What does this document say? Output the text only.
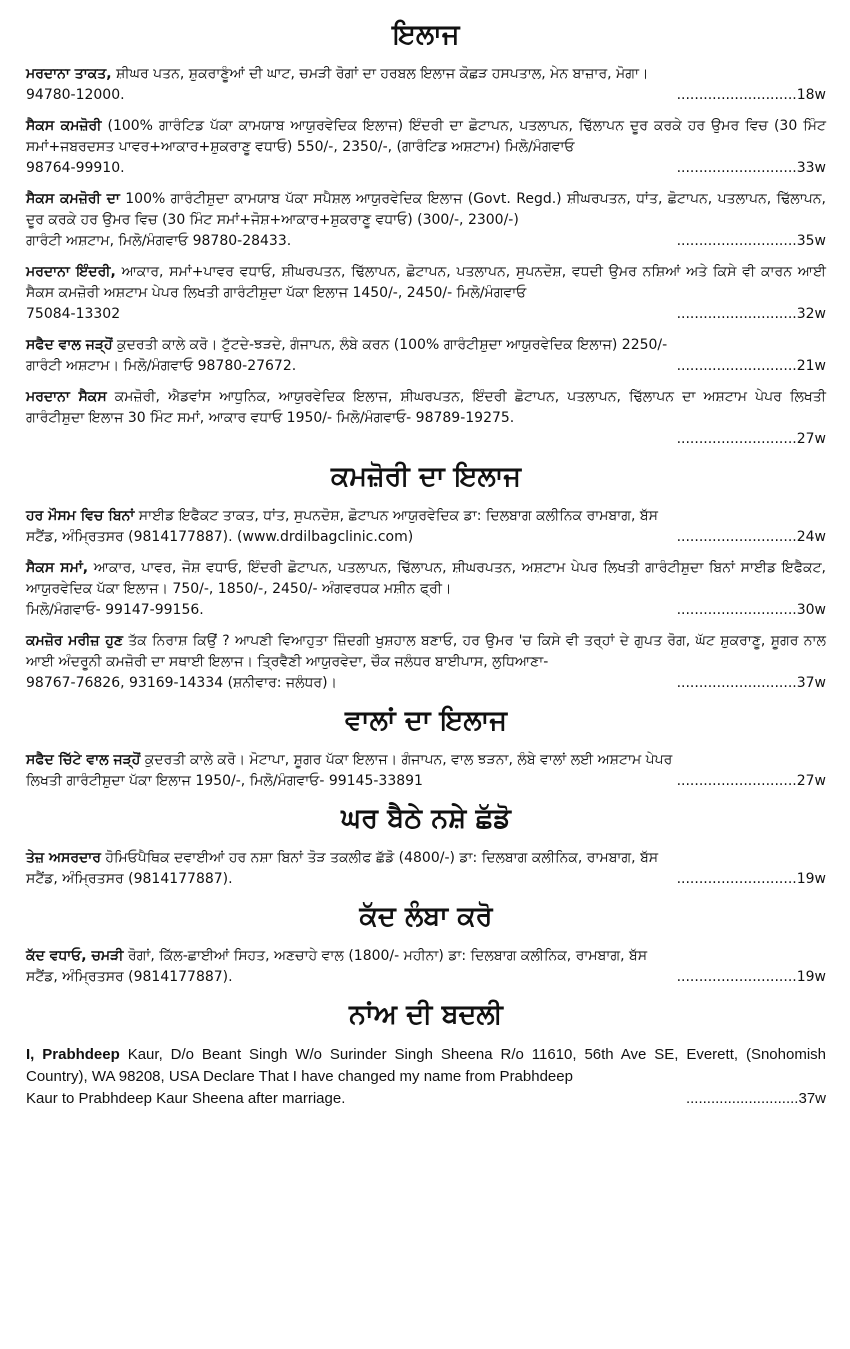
ਇਲਾਜ
ਮਰਦਾਨਾ ਤਾਕਤ, ਸ਼ੀਘਰ ਪਤਨ, ਸ਼ੁਕਰਾਣੂੰਆਂ ਦੀ ਘਾਟ, ਚਮੜੀ ਰੋਗਾਂ ਦਾ ਹਰਬਲ ਇਲਾਜ ਕੋਛੜ ਹਸਪਤਾਲ, ਮੇਨ ਬਾਜ਼ਾਰ, ਮੋਗਾ।
94780-12000.	...........................18w
ਸੈਕਸ ਕਮਜ਼ੋਰੀ (100% ਗਾਰੰਟਿਡ ਪੱਕਾ ਕਾਮਯਾਬ ਆਯੁਰਵੇਦਿਕ ਇਲਾਜ) ਇੰਦਰੀ ਦਾ ਛੋਟਾਪਨ, ਪਤਲਾਪਨ, ਢਿੱਲਾਪਨ ਦੂਰ ਕਰਕੇ ਹਰ ਉਮਰ ਵਿਚ (30 ਮਿੰਟ ਸਮਾਂ+ਜਬਰਦਸਤ ਪਾਵਰ+ਆਕਾਰ+ਸ਼ੁਕਰਾਣੂ ਵਧਾਓ) 550/-, 2350/-, (ਗਾਰੰਟਿਡ ਅਸ਼ਟਾਮ) ਮਿਲੋ/ਮੰਗਵਾਓ
98764-99910.	...........................33w
ਸੈਕਸ ਕਮਜ਼ੋਰੀ ਦਾ 100% ਗਾਰੰਟੀਸ਼ੁਦਾ ਕਾਮਯਾਬ ਪੱਕਾ ਸਪੈਸ਼ਲ ਆਯੁਰਵੇਦਿਕ ਇਲਾਜ (Govt. Regd.) ਸ਼ੀਘਰਪਤਨ, ਧਾਂਤ, ਛੋਟਾਪਨ, ਪਤਲਾਪਨ, ਢਿੱਲਾਪਨ, ਦੂਰ ਕਰਕੇ ਹਰ ਉਮਰ ਵਿਚ (30 ਮਿੰਟ ਸਮਾਂ+ਜੋਸ਼+ਆਕਾਰ+ਸ਼ੁਕਰਾਣੂ ਵਧਾਓ) (300/-, 2300/-)
ਗਾਰੰਟੀ ਅਸ਼ਟਾਮ, ਮਿਲੋ/ਮੰਗਵਾਓ 98780-28433.	...........................35w
ਮਰਦਾਨਾ ਇੰਦਰੀ, ਆਕਾਰ, ਸਮਾਂ+ਪਾਵਰ ਵਧਾਓ, ਸ਼ੀਘਰਪਤਨ, ਢਿੱਲਾਪਨ, ਛੋਟਾਪਨ, ਪਤਲਾਪਨ, ਸੁਪਨਦੋਸ਼, ਵਧਦੀ ਉਮਰ ਨਸ਼ਿਆਂ ਅਤੇ ਕਿਸੇ ਵੀ ਕਾਰਨ ਆਈ ਸੈਕਸ ਕਮਜ਼ੋਰੀ ਅਸ਼ਟਾਮ ਪੇਪਰ ਲਿਖਤੀ ਗਾਰੰਟੀਸ਼ੁਦਾ ਪੱਕਾ ਇਲਾਜ 1450/-, 2450/- ਮਿਲੋ/ਮੰਗਵਾਓ
75084-13302	...........................32w
ਸਫੈਦ ਵਾਲ ਜੜ੍ਹੋਂ ਕੁਦਰਤੀ ਕਾਲੇ ਕਰੋ। ਟੁੱਟਦੇ-ਝੜਦੇ, ਗੰਜਾਪਨ, ਲੰਬੇ ਕਰਨ (100% ਗਾਰੰਟੀਸ਼ੁਦਾ ਆਯੁਰਵੇਦਿਕ ਇਲਾਜ) 2250/-
ਗਾਰੰਟੀ ਅਸ਼ਟਾਮ। ਮਿਲੋ/ਮੰਗਵਾਓ 98780-27672.	...........................21w
ਮਰਦਾਨਾ ਸੈਕਸ ਕਮਜ਼ੋਰੀ, ਐਡਵਾਂਸ ਆਧੁਨਿਕ, ਆਯੁਰਵੇਦਿਕ ਇਲਾਜ, ਸ਼ੀਘਰਪਤਨ, ਇੰਦਰੀ ਛੋਟਾਪਨ, ਪਤਲਾਪਨ, ਢਿੱਲਾਪਨ ਦਾ ਅਸ਼ਟਾਮ ਪੇਪਰ ਲਿਖਤੀ ਗਾਰੰਟੀਸ਼ੁਦਾ ਇਲਾਜ 30 ਮਿੰਟ ਸਮਾਂ, ਆਕਾਰ ਵਧਾਓ 1950/- ਮਿਲੋ/ਮੰਗਵਾਓ- 98789-19275.
...........................27w
ਕਮਜ਼ੋਰੀ ਦਾ ਇਲਾਜ
ਹਰ ਮੌਸਮ ਵਿਚ ਬਿਨਾਂ ਸਾਈਡ ਇਫੈਕਟ ਤਾਕਤ, ਧਾਂਤ, ਸੁਪਨਦੋਸ਼, ਛੋਟਾਪਨ ਆਯੁਰਵੇਦਿਕ ਡਾ: ਦਿਲਬਾਗ ਕਲੀਨਿਕ ਰਾਮਬਾਗ, ਬੱਸ
ਸਟੈਂਡ, ਅੰਮ੍ਰਿਤਸਰ (9814177887). (www.drdilbagclinic.com)	...........................24w
ਸੈਕਸ ਸਮਾਂ, ਆਕਾਰ, ਪਾਵਰ, ਜੋਸ਼ ਵਧਾਓ, ਇੰਦਰੀ ਛੋਟਾਪਨ, ਪਤਲਾਪਨ, ਢਿੱਲਾਪਨ, ਸ਼ੀਘਰਪਤਨ, ਅਸ਼ਟਾਮ ਪੇਪਰ ਲਿਖਤੀ ਗਾਰੰਟੀਸ਼ੁਦਾ ਬਿਨਾਂ ਸਾਈਡ ਇਫੈਕਟ, ਆਯੁਰਵੇਦਿਕ ਪੱਕਾ ਇਲਾਜ। 750/-, 1850/-, 2450/- ਅੰਗਵਰਧਕ ਮਸ਼ੀਨ ਫ੍ਰੀ।
ਮਿਲੋ/ਮੰਗਵਾਓ- 99147-99156.	...........................30w
ਕਮਜ਼ੋਰ ਮਰੀਜ਼ ਹੁਣ ਤੱਕ ਨਿਰਾਸ਼ ਕਿਉਂ ? ਆਪਣੀ ਵਿਆਹੁਤਾ ਜ਼ਿੰਦਗੀ ਖੁਸ਼ਹਾਲ ਬਣਾਓ, ਹਰ ਉਮਰ 'ਚ ਕਿਸੇ ਵੀ ਤਰ੍ਹਾਂ ਦੇ ਗੁਪਤ ਰੋਗ, ਘੱਟ ਸ਼ੁਕਰਾਣੂ, ਸ਼ੂਗਰ ਨਾਲ ਆਈ ਅੰਦਰੂਨੀ ਕਮਜ਼ੋਰੀ ਦਾ ਸਥਾਈ ਇਲਾਜ। ਤ੍ਰਿਵੈਣੀ ਆਯੁਰਵੇਦਾ, ਚੌਕ ਜਲੰਧਰ ਬਾਈਪਾਸ, ਲੁਧਿਆਣਾ-
98767-76826, 93169-14334 (ਸ਼ਨੀਵਾਰ: ਜਲੰਧਰ)।	...........................37w
ਵਾਲਾਂ ਦਾ ਇਲਾਜ
ਸਫੈਦ ਚਿੱਟੇ ਵਾਲ ਜੜ੍ਹੋਂ ਕੁਦਰਤੀ ਕਾਲੇ ਕਰੋ। ਮੋਟਾਪਾ, ਸ਼ੂਗਰ ਪੱਕਾ ਇਲਾਜ। ਗੰਜਾਪਨ, ਵਾਲ ਝੜਨਾ, ਲੰਬੇ ਵਾਲਾਂ ਲਈ ਅਸ਼ਟਾਮ ਪੇਪਰ
ਲਿਖਤੀ ਗਾਰੰਟੀਸ਼ੁਦਾ ਪੱਕਾ ਇਲਾਜ 1950/-, ਮਿਲੋ/ਮੰਗਵਾਓ- 99145-33891	...........................27w
ਘਰ ਬੈਠੇ ਨਸ਼ੇ ਛੱਡੋ
ਤੇਜ਼ ਅਸਰਦਾਰ ਹੋਮਿਓਪੈਥਿਕ ਦਵਾਈਆਂ ਹਰ ਨਸ਼ਾ ਬਿਨਾਂ ਤੋੜ ਤਕਲੀਫ ਛੱਡੋ (4800/-) ਡਾ: ਦਿਲਬਾਗ ਕਲੀਨਿਕ, ਰਾਮਬਾਗ, ਬੱਸ
ਸਟੈਂਡ, ਅੰਮ੍ਰਿਤਸਰ (9814177887).	...........................19w
ਕੱਦ ਲੰਬਾ ਕਰੋ
ਕੱਦ ਵਧਾਓ, ਚਮੜੀ ਰੋਗਾਂ, ਕਿੱਲ-ਛਾਈਆਂ ਸਿਹਤ, ਅਣਚਾਹੇ ਵਾਲ (1800/- ਮਹੀਨਾ) ਡਾ: ਦਿਲਬਾਗ ਕਲੀਨਿਕ, ਰਾਮਬਾਗ, ਬੱਸ
ਸਟੈਂਡ, ਅੰਮ੍ਰਿਤਸਰ (9814177887).	...........................19w
ਨਾਂਅ ਦੀ ਬਦਲੀ
I, Prabhdeep Kaur, D/o Beant Singh W/o Surinder Singh Sheena R/o 11610, 56th Ave SE, Everett, (Snohomish Country), WA 98208, USA Declare That I have changed my name from Prabhdeep
Kaur to Prabhdeep Kaur Sheena after marriage.	...........................37w
